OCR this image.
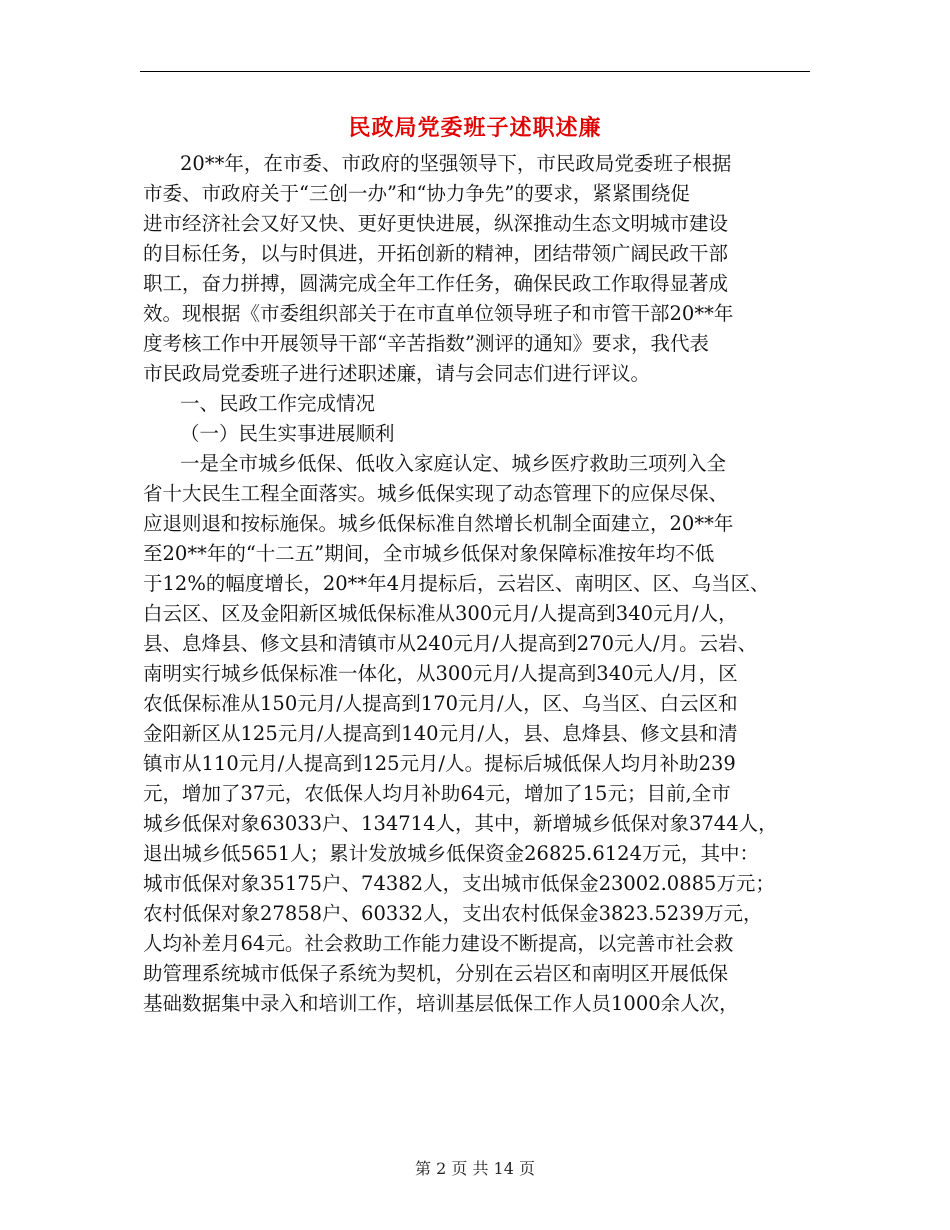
民政局党委班子述职述廉
20**年，在市委、市政府的坚强领导下，市民政局党委班子根据
市委、市政府关于“三创一办”和“协力争先”的要求，紧紧围绕促
进市经济社会又好又快、更好更快进展，纵深推动生态文明城市建设
的目标任务，以与时俱进，开拓创新的精神，团结带领广阔民政干部
职工，奋力拼搏，圆满完成全年工作任务，确保民政工作取得显著成
效。现根据《市委组织部关于在市直单位领导班子和市管干部20**年
度考核工作中开展领导干部“辛苦指数”测评的通知》要求，我代表
市民政局党委班子进行述职述廉，请与会同志们进行评议。
一、民政工作完成情况
（一）民生实事进展顺利
一是全市城乡低保、低收入家庭认定、城乡医疗救助三项列入全
省十大民生工程全面落实。城乡低保实现了动态管理下的应保尽保、
应退则退和按标施保。城乡低保标准自然增长机制全面建立，20**年
至20**年的“十二五”期间，全市城乡低保对象保障标准按年均不低
于12%的幅度增长，20**年4月提标后，云岩区、南明区、区、乌当区、
白云区、区及金阳新区城低保标准从300元月/人提高到340元月/人，
县、息烽县、修文县和清镇市从240元月/人提高到270元人/月。云岩、
南明实行城乡低保标准一体化，从300元月/人提高到340元人/月，区
农低保标准从150元月/人提高到170元月/人，区、乌当区、白云区和
金阳新区从125元月/人提高到140元月/人，县、息烽县、修文县和清
镇市从110元月/人提高到125元月/人。提标后城低保人均月补助239
元，增加了37元，农低保人均月补助64元，增加了15元；目前,全市
城乡低保对象63033户、134714人，其中，新增城乡低保对象3744人，
退出城乡低5651人；累计发放城乡低保资金26825.6124万元，其中：
城市低保对象35175户、74382人，支出城市低保金23002.0885万元；
农村低保对象27858户、60332人，支出农村低保金3823.5239万元，
人均补差月64元。社会救助工作能力建设不断提高，以完善市社会救
助管理系统城市低保子系统为契机，分别在云岩区和南明区开展低保
基础数据集中录入和培训工作，培训基层低保工作人员1000余人次，
第 2 页 共 14 页
